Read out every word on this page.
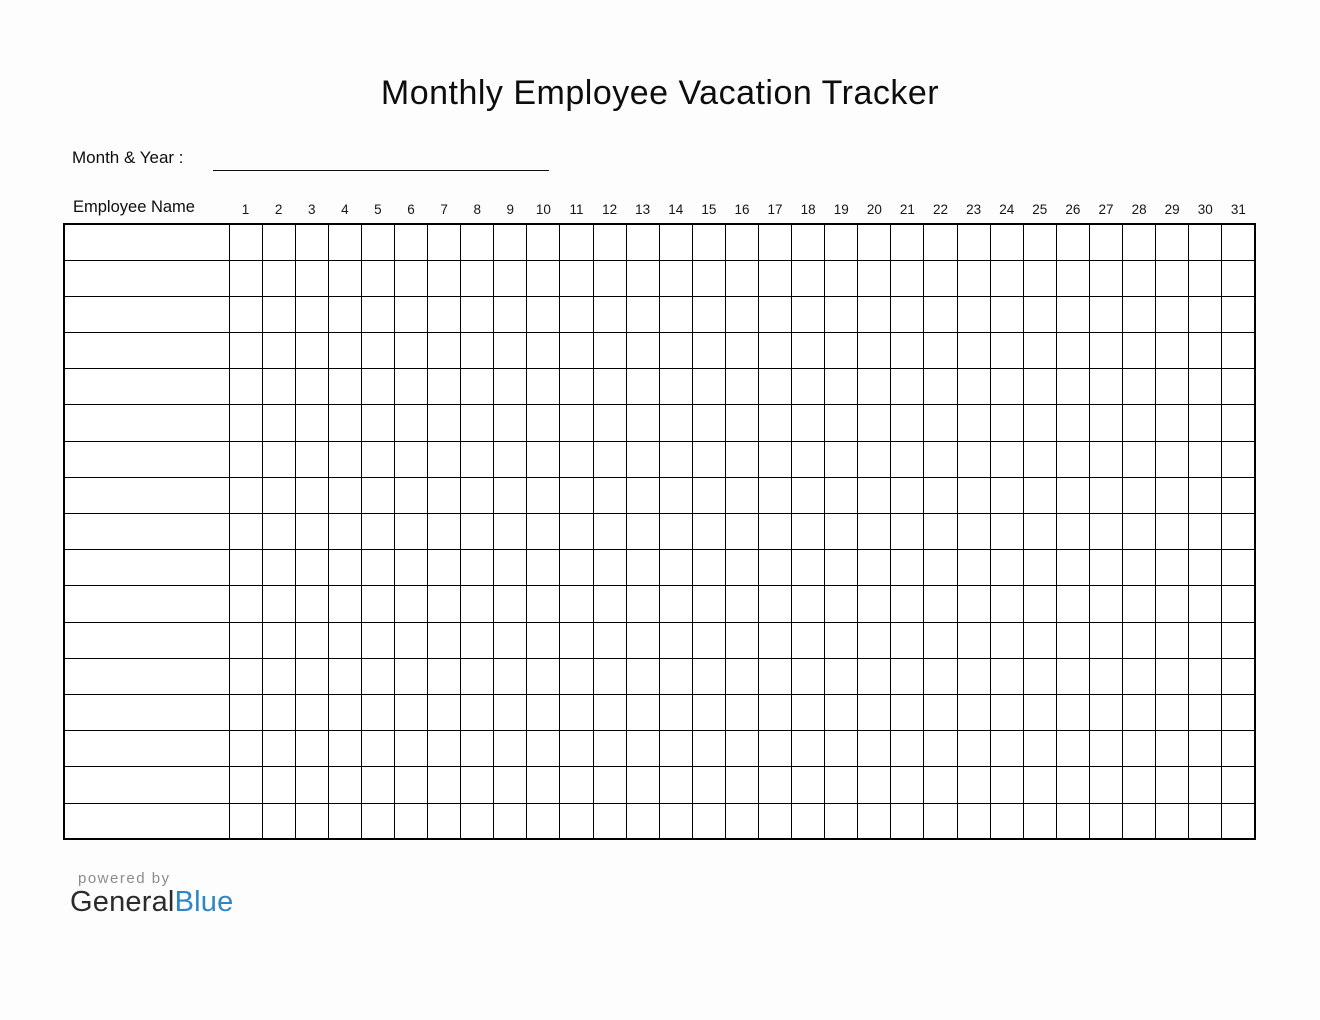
Monthly Employee Vacation Tracker
Month & Year :
Employee Name	1	2	3	4	5	6	7	8	9	10	11	12	13	14	15	16	17	18	19	20	21	22	23	24	25	26	27	28	29	30	31

powered by
GeneralBlue
